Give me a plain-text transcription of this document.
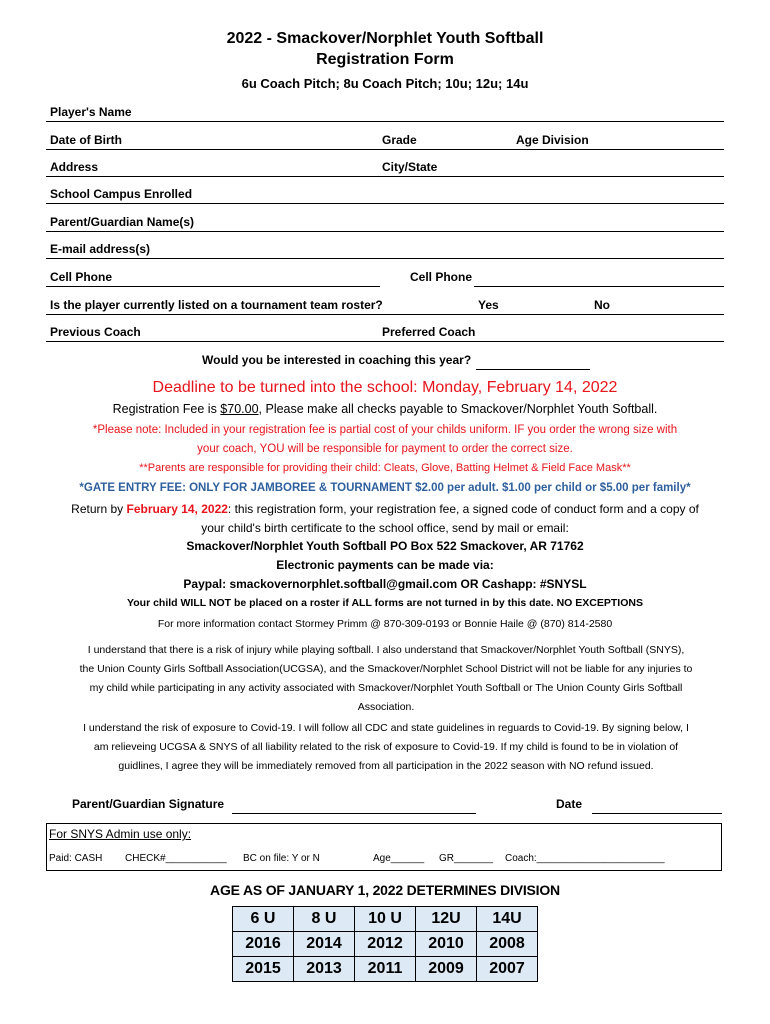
2022 - Smackover/Norphlet Youth Softball
Registration Form
6u Coach Pitch; 8u Coach Pitch; 10u; 12u; 14u
Player's Name
Date of Birth	Grade	Age Division
Address	City/State
School Campus Enrolled
Parent/Guardian Name(s)
E-mail address(s)
Cell Phone	Cell Phone
Is the player currently listed on a tournament team roster?	Yes	No
Previous Coach	Preferred Coach
Would you be interested in coaching this year?
Deadline to be turned into the school: Monday, February 14, 2022
Registration Fee is $70.00, Please make all checks payable to Smackover/Norphlet Youth Softball.
*Please note: Included in your registration fee is partial cost of your childs uniform. IF you order the wrong size with
your coach, YOU will be responsible for payment to order the correct size.
**Parents are responsible for providing their child: Cleats, Glove, Batting Helmet & Field Face Mask**
*GATE ENTRY FEE: ONLY FOR JAMBOREE & TOURNAMENT $2.00 per adult. $1.00 per child or $5.00 per family*
Return by February 14, 2022: this registration form, your registration fee, a signed code of conduct form and a copy of
your child's birth certificate to the school office, send by mail or email:
Smackover/Norphlet Youth Softball PO Box 522 Smackover, AR 71762
Electronic payments can be made via:
Paypal: smackovernorphlet.softball@gmail.com OR Cashapp: #SNYSL
Your child WILL NOT be placed on a roster if ALL forms are not turned in by this date. NO EXCEPTIONS
For more information contact Stormey Primm @ 870-309-0193 or Bonnie Haile @ (870) 814-2580
I understand that there is a risk of injury while playing softball. I also understand that Smackover/Norphlet Youth Softball (SNYS),
the Union County Girls Softball Association(UCGSA), and the Smackover/Norphlet School District will not be liable for any injuries to
my child while participating in any activity associated with Smackover/Norphlet Youth Softball or The Union County Girls Softball
Association.
I understand the risk of exposure to Covid-19. I will follow all CDC and state guidelines in reguards to Covid-19. By signing below, I
am relieveing UCGSA & SNYS of all liability related to the risk of exposure to Covid-19. If my child is found to be in violation of
guidlines, I agree they will be immediately removed from all participation in the 2022 season with NO refund issued.
Parent/Guardian Signature	Date
For SNYS Admin use only:
Paid: CASH CHECK#___________ BC on file: Y or N	Age______ GR_______ Coach:_______________________
AGE AS OF JANUARY 1, 2022 DETERMINES DIVISION
6 U	8 U	10 U	12U	14U
2016	2014	2012	2010	2008
2015	2013	2011	2009	2007
